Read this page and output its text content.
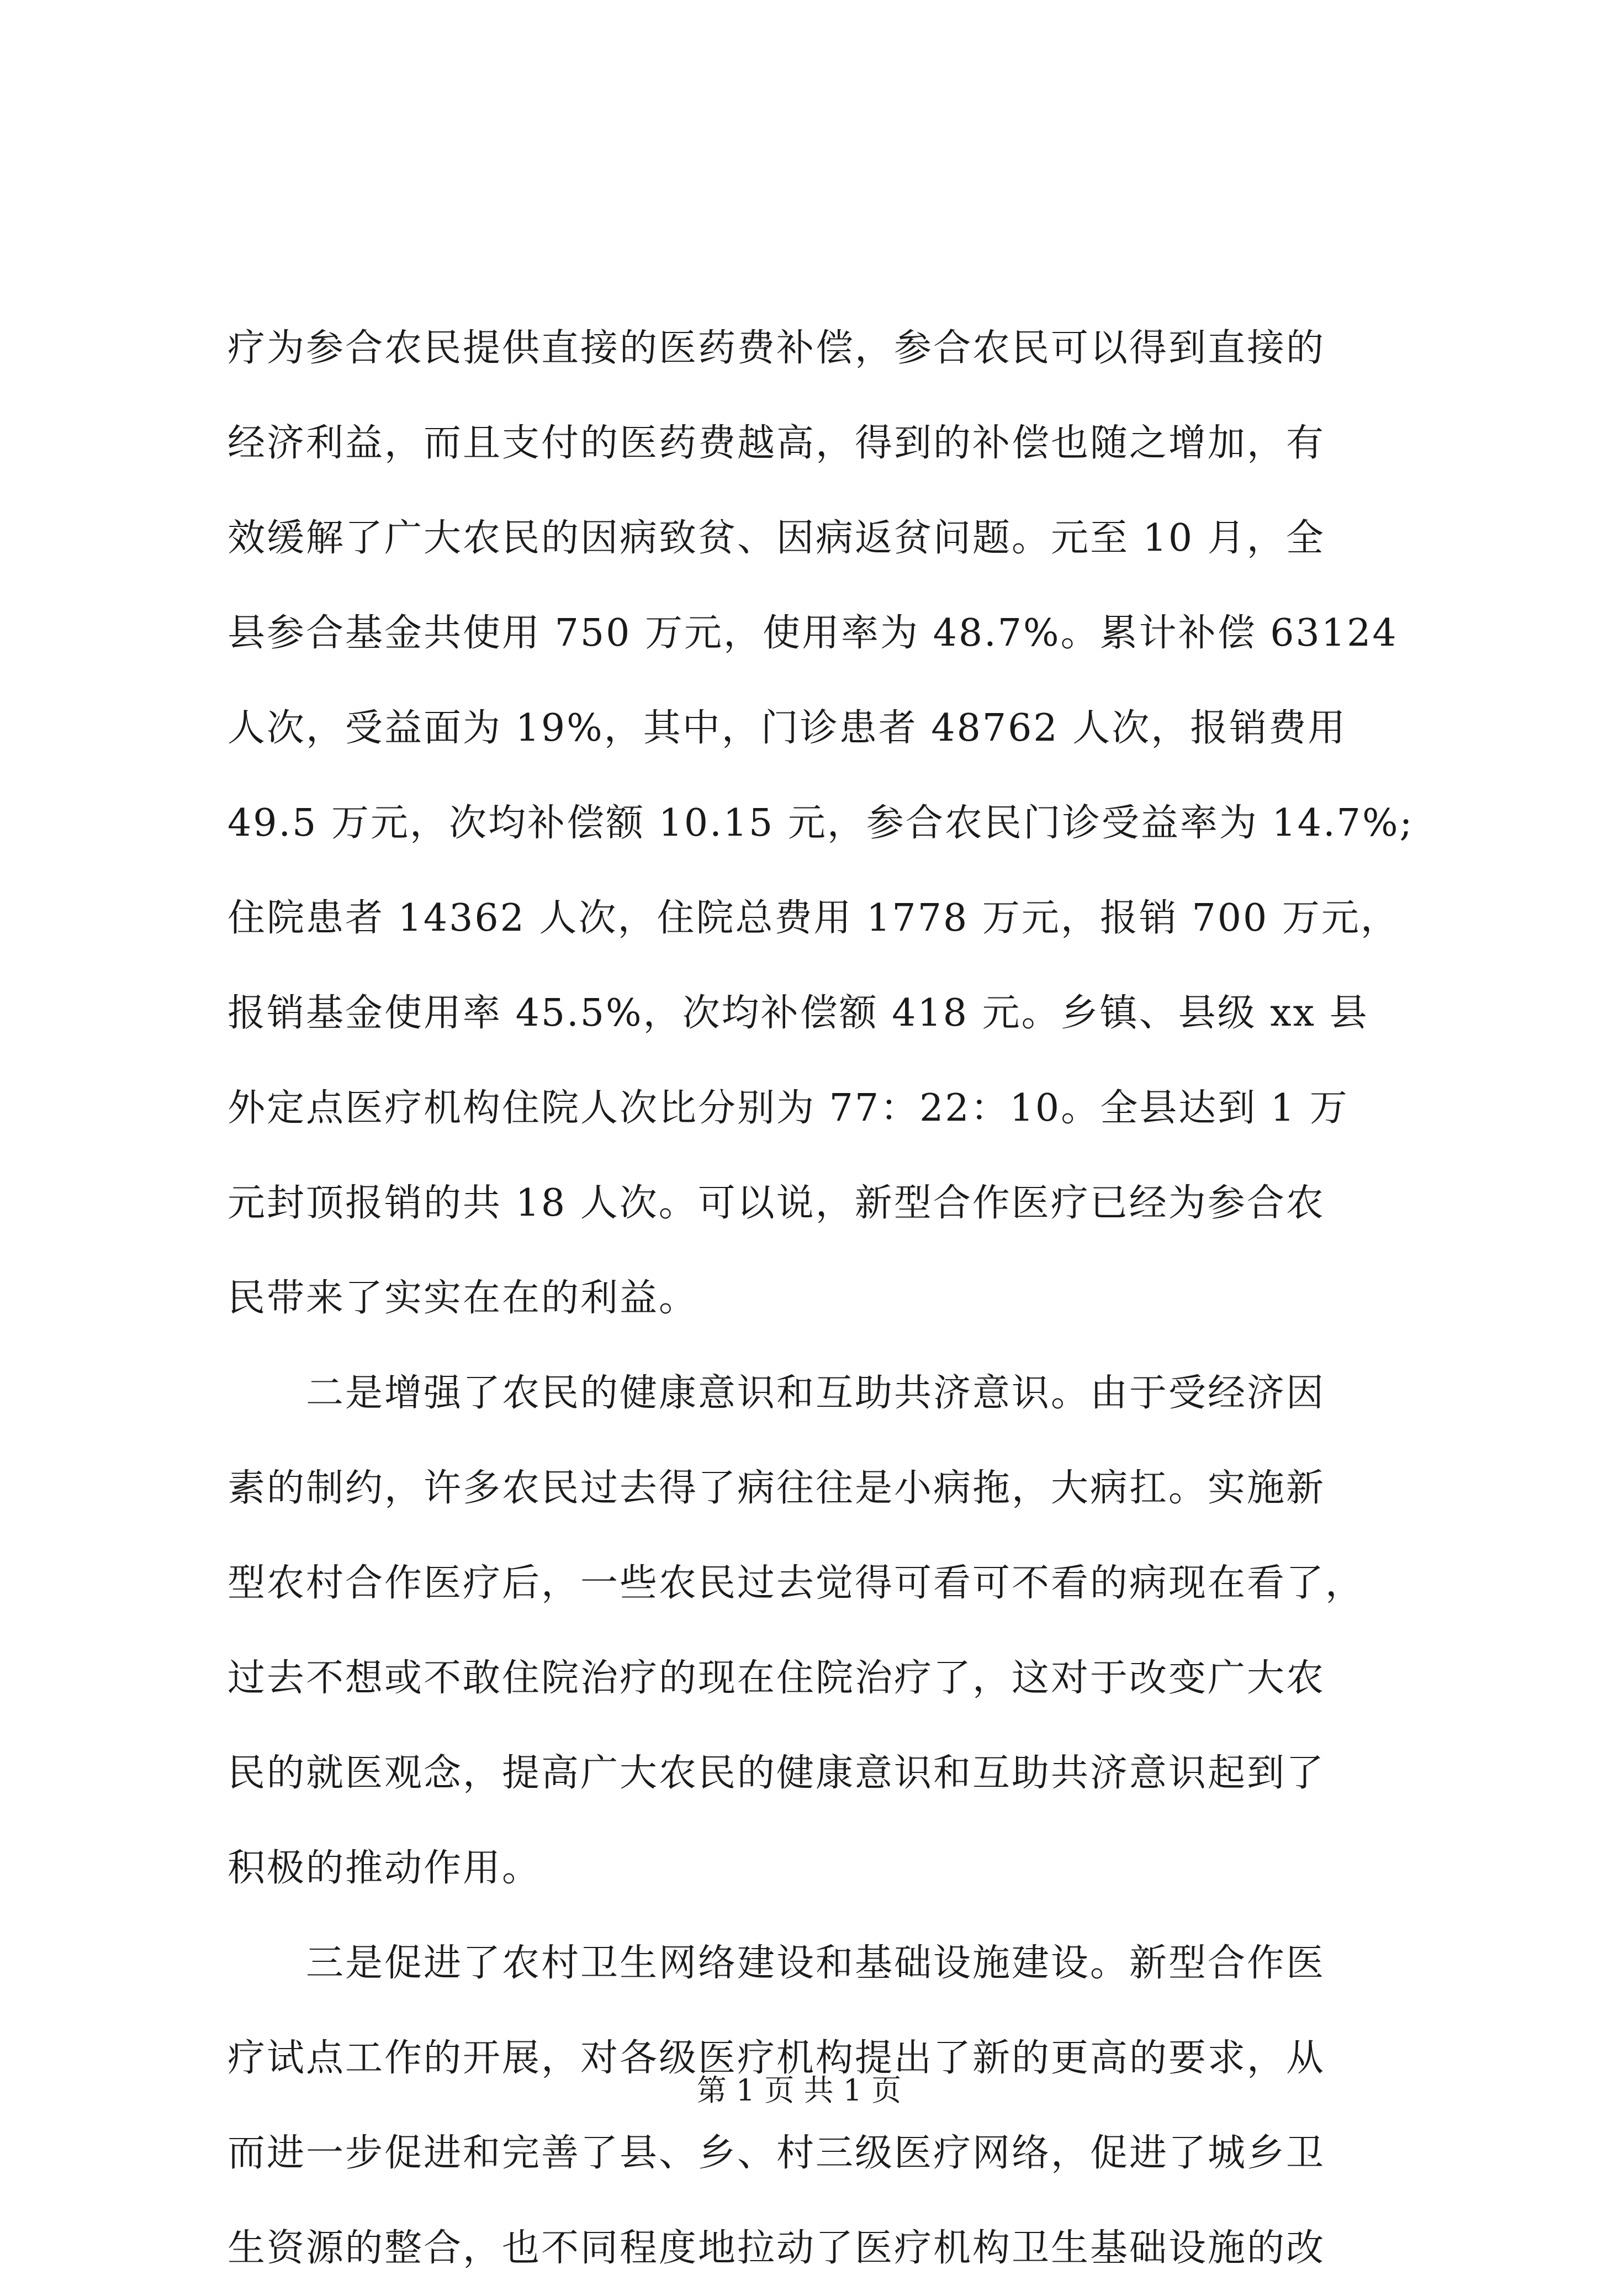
疗为参合农民提供直接的医药费补偿，参合农民可以得到直接的
经济利益，而且支付的医药费越高，得到的补偿也随之增加，有
效缓解了广大农民的因病致贫、因病返贫问题。元至 10 月，全
县参合基金共使用 750 万元，使用率为 48.7%。累计补偿 63124
人次，受益面为 19%，其中，门诊患者 48762 人次，报销费用
49.5 万元，次均补偿额 10.15 元，参合农民门诊受益率为 14.7%;
住院患者 14362 人次，住院总费用 1778 万元，报销 700 万元，
报销基金使用率 45.5%，次均补偿额 418 元。乡镇、县级 xx 县
外定点医疗机构住院人次比分别为 77：22：10。全县达到 1 万
元封顶报销的共 18 人次。可以说，新型合作医疗已经为参合农
民带来了实实在在的利益。
　　二是增强了农民的健康意识和互助共济意识。由于受经济因
素的制约，许多农民过去得了病往往是小病拖，大病扛。实施新
型农村合作医疗后，一些农民过去觉得可看可不看的病现在看了，
过去不想或不敢住院治疗的现在住院治疗了，这对于改变广大农
民的就医观念，提高广大农民的健康意识和互助共济意识起到了
积极的推动作用。
　　三是促进了农村卫生网络建设和基础设施建设。新型合作医
疗试点工作的开展，对各级医疗机构提出了新的更高的要求，从
而进一步促进和完善了县、乡、村三级医疗网络，促进了城乡卫
生资源的整合，也不同程度地拉动了医疗机构卫生基础设施的改
第 1 页 共 1 页
